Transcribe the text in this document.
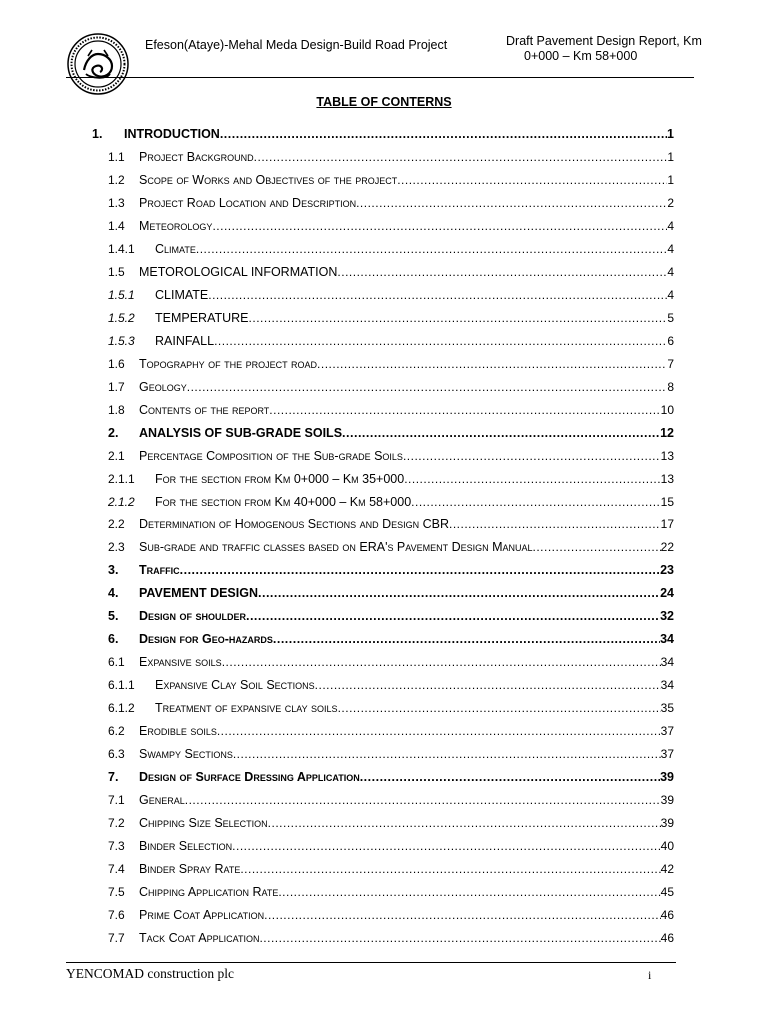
Efeson(Ataye)-Mehal Meda Design-Build Road Project	Draft Pavement Design Report, Km
0+000 – Km 58+000
TABLE OF CONTERNS
1.	INTRODUCTION .....	1
1.1	Project Background .....	1
1.2	Scope of Works and Objectives of the project .....	1
1.3	Project Road Location and Description .....	2
1.4	Meteorology .....	4
1.4.1	Climate .....	4
1.5	METOROLOGICAL INFORMATION .....	4
1.5.1	CLIMATE .....	4
1.5.2	TEMPERATURE .....	5
1.5.3	RAINFALL .....	6
1.6	Topography of the project road .....	7
1.7	Geology .....	8
1.8	Contents of the report .....	10
2.	ANALYSIS OF SUB-GRADE SOILS .....	12
2.1	Percentage Composition of the Sub-grade Soils .....	13
2.1.1	For the section from Km 0+000 – Km 35+000 .....	13
2.1.2	For the section from Km 40+000 – Km 58+000 .....	15
2.2	Determination of Homogenous Sections and Design CBR .....	17
2.3	Sub-grade and traffic classes based on ERA's Pavement Design Manual .....	22
3.	Traffic .....	23
4.	PAVEMENT DESIGN .....	24
5.	Design of shoulder .....	32
6.	Design for Geo-hazards .....	34
6.1	Expansive soils .....	34
6.1.1	Expansive Clay Soil Sections .....	34
6.1.2	Treatment of expansive clay soils .....	35
6.2	Erodible soils .....	37
6.3	Swampy Sections .....	37
7.	Design of Surface Dressing Application .....	39
7.1	General .....	39
7.2	Chipping Size Selection .....	39
7.3	Binder Selection .....	40
7.4	Binder Spray Rate .....	42
7.5	Chipping Application Rate .....	45
7.6	Prime Coat Application .....	46
7.7	Tack Coat Application .....	46
YENCOMAD construction plc	i
